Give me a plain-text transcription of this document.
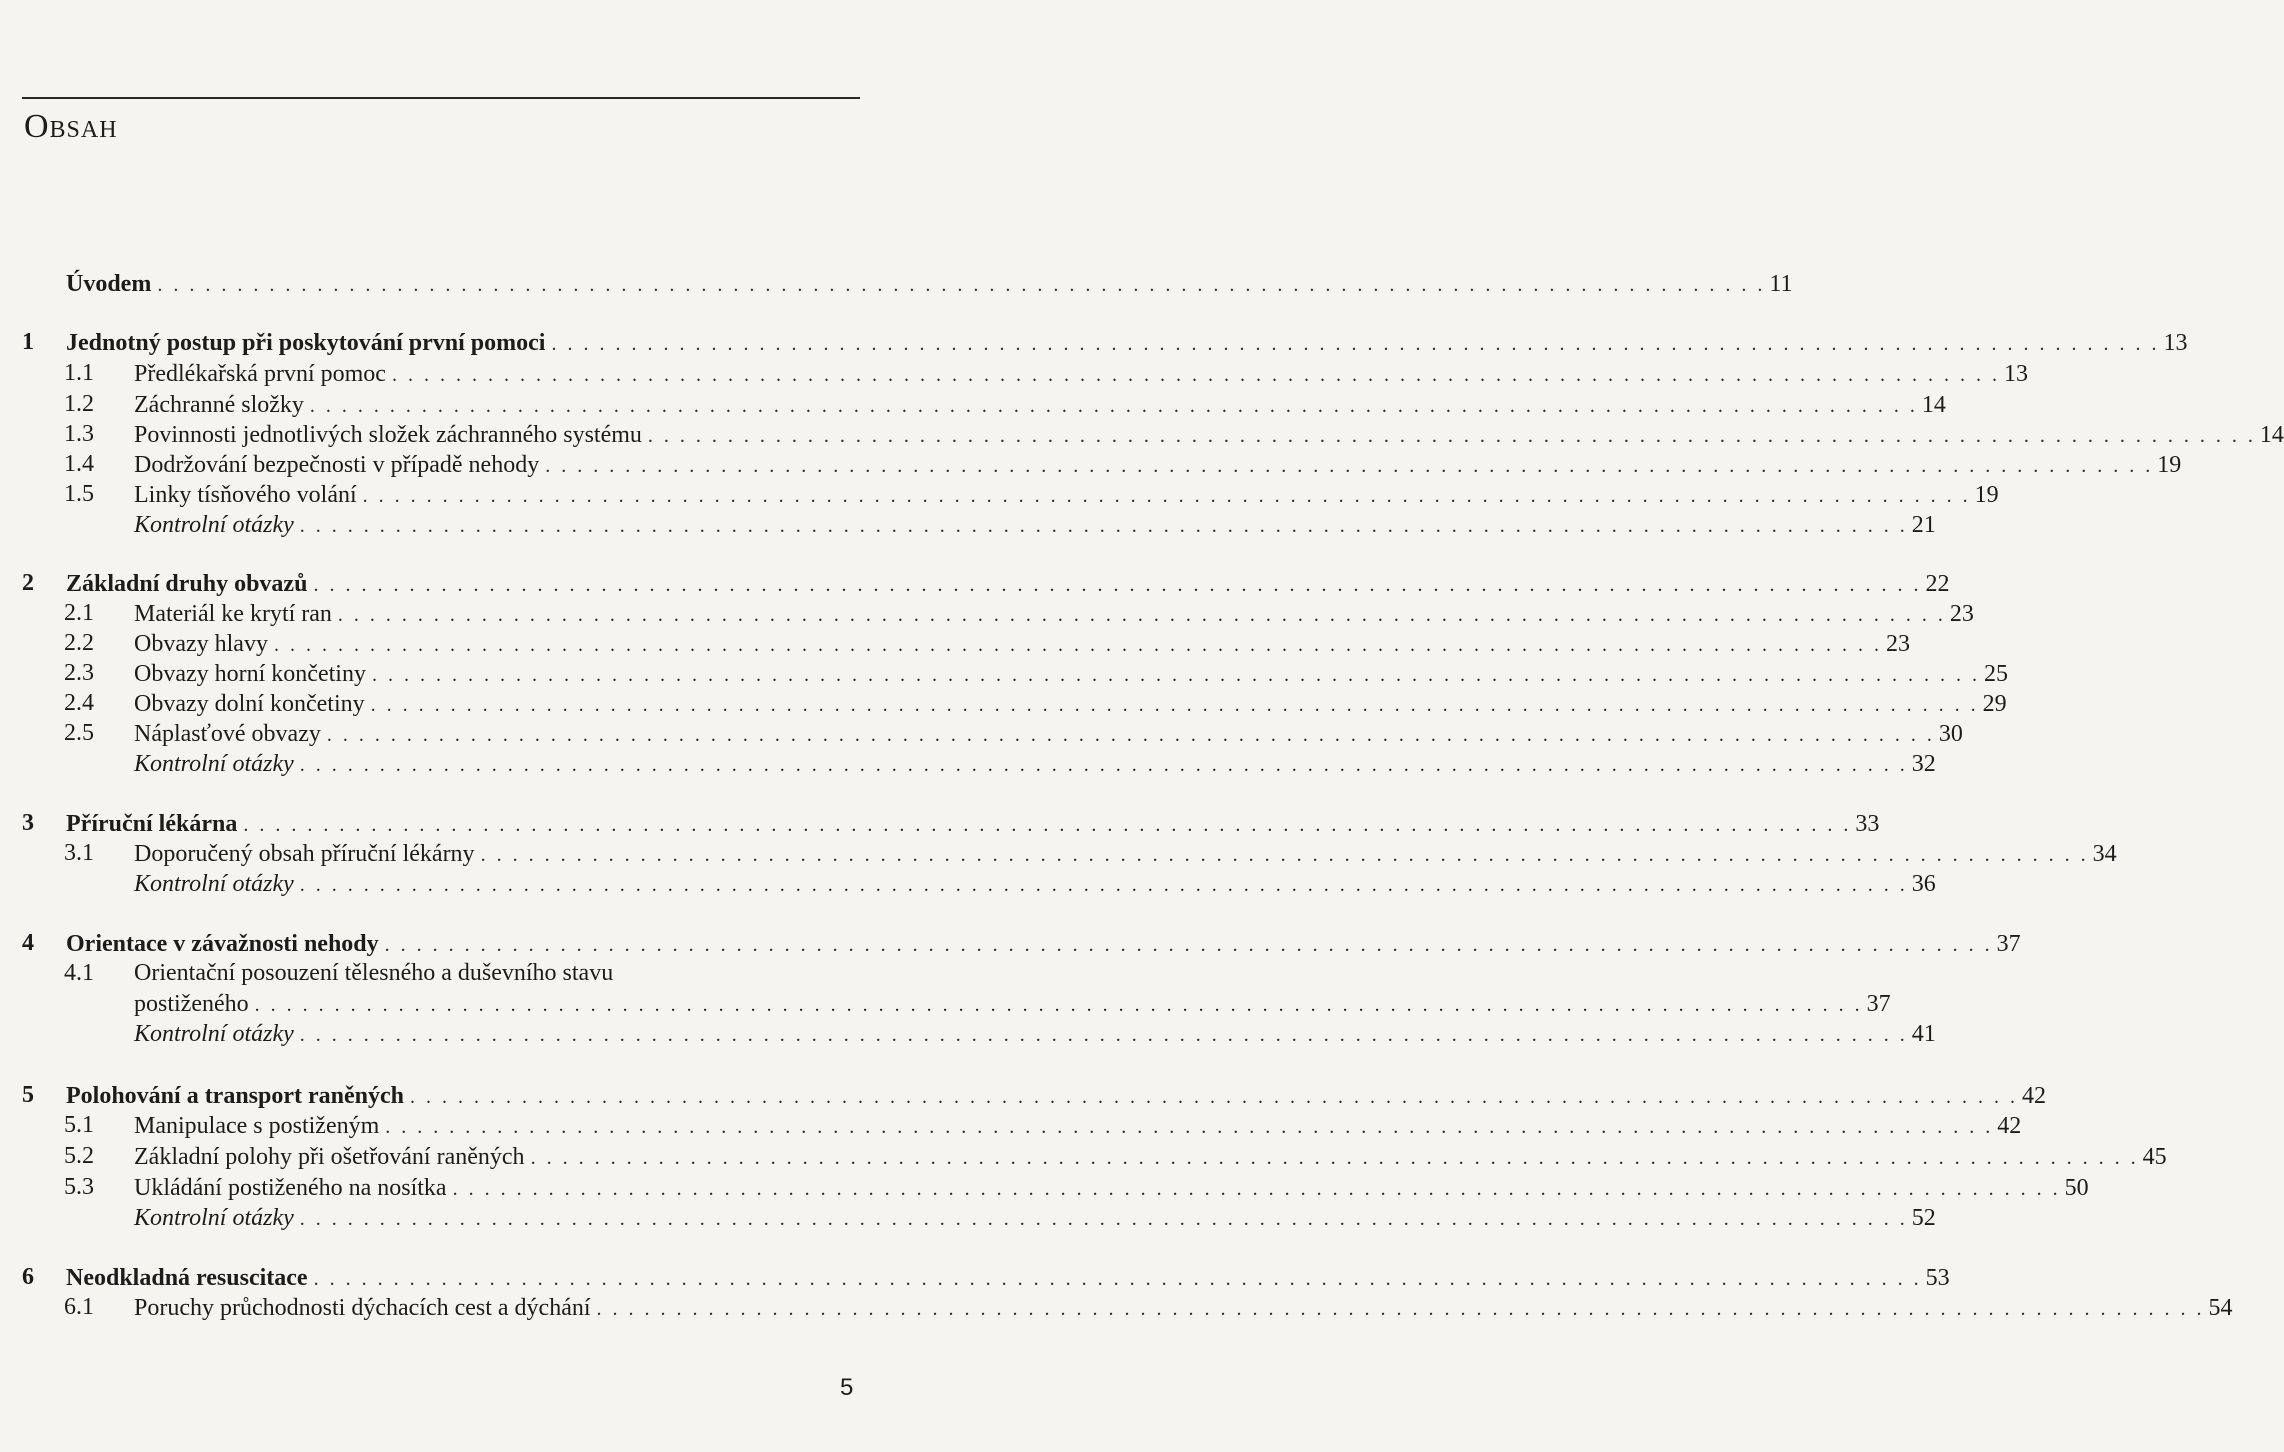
Obsah
Úvodem . . . . . . . . . . . . . . . . . . . . . . . . . . . . . . . . . . . . . . . . . . . . . . . . . . . . . . . . . . . . . . . . . . . . . . . . . . . . . . . . . . . . . . . . . . . . . . . . . . . . . 11
1 Jednotný postup při poskytování první pomoci . . . . . . . . . . . . . . . . . . . . . . . . . . . . . . . . . . . . . . . . . . . . . . . . . . . . . . . . . . . . . . . . . . . . . . . . . . . . . . . . . . . . . . . . . . . . . . . . . . . . . 13
1.1 Předlékařská první pomoc . . . . . . . . . . . . . . . . . . . . . . . . . . . . . . . . . . . . . . . . . . . . . . . . . . . . . . . . . . . . . . . . . . . . . . . . . . . . . . . . . . . . . . . . . . . . . . . . . . . . . 13
1.2 Záchranné složky . . . . . . . . . . . . . . . . . . . . . . . . . . . . . . . . . . . . . . . . . . . . . . . . . . . . . . . . . . . . . . . . . . . . . . . . . . . . . . . . . . . . . . . . . . . . . . . . . . . . . 14
1.3 Povinnosti jednotlivých složek záchranného systému . . . . . . . . . . . . . . . . . . . . . . . . . . . . . . . . . . . . . . . . . . . . . . . . . . . . . . . . . . . . . . . . . . . . . . . . . . . . . . . . . . . . . . . . . . . . . . . . . . . . . 14
1.4 Dodržování bezpečnosti v případě nehody . . . . . . . . . . . . . . . . . . . . . . . . . . . . . . . . . . . . . . . . . . . . . . . . . . . . . . . . . . . . . . . . . . . . . . . . . . . . . . . . . . . . . . . . . . . . . . . . . . . . . 19
1.5 Linky tísňového volání . . . . . . . . . . . . . . . . . . . . . . . . . . . . . . . . . . . . . . . . . . . . . . . . . . . . . . . . . . . . . . . . . . . . . . . . . . . . . . . . . . . . . . . . . . . . . . . . . . . . . 19
Kontrolní otázky . . . . . . . . . . . . . . . . . . . . . . . . . . . . . . . . . . . . . . . . . . . . . . . . . . . . . . . . . . . . . . . . . . . . . . . . . . . . . . . . . . . . . . . . . . . . . . . . . . . . . 21
2 Základní druhy obvazů . . . . . . . . . . . . . . . . . . . . . . . . . . . . . . . . . . . . . . . . . . . . . . . . . . . . . . . . . . . . . . . . . . . . . . . . . . . . . . . . . . . . . . . . . . . . . . . . . . . . . 22
2.1 Materiál ke krytí ran . . . . . . . . . . . . . . . . . . . . . . . . . . . . . . . . . . . . . . . . . . . . . . . . . . . . . . . . . . . . . . . . . . . . . . . . . . . . . . . . . . . . . . . . . . . . . . . . . . . . . 23
2.2 Obvazy hlavy . . . . . . . . . . . . . . . . . . . . . . . . . . . . . . . . . . . . . . . . . . . . . . . . . . . . . . . . . . . . . . . . . . . . . . . . . . . . . . . . . . . . . . . . . . . . . . . . . . . . . 23
2.3 Obvazy horní končetiny . . . . . . . . . . . . . . . . . . . . . . . . . . . . . . . . . . . . . . . . . . . . . . . . . . . . . . . . . . . . . . . . . . . . . . . . . . . . . . . . . . . . . . . . . . . . . . . . . . . . . 25
2.4 Obvazy dolní končetiny . . . . . . . . . . . . . . . . . . . . . . . . . . . . . . . . . . . . . . . . . . . . . . . . . . . . . . . . . . . . . . . . . . . . . . . . . . . . . . . . . . . . . . . . . . . . . . . . . . . . . 29
2.5 Náplasťové obvazy . . . . . . . . . . . . . . . . . . . . . . . . . . . . . . . . . . . . . . . . . . . . . . . . . . . . . . . . . . . . . . . . . . . . . . . . . . . . . . . . . . . . . . . . . . . . . . . . . . . . . 30
Kontrolní otázky . . . . . . . . . . . . . . . . . . . . . . . . . . . . . . . . . . . . . . . . . . . . . . . . . . . . . . . . . . . . . . . . . . . . . . . . . . . . . . . . . . . . . . . . . . . . . . . . . . . . . 32
3 Příruční lékárna . . . . . . . . . . . . . . . . . . . . . . . . . . . . . . . . . . . . . . . . . . . . . . . . . . . . . . . . . . . . . . . . . . . . . . . . . . . . . . . . . . . . . . . . . . . . . . . . . . . . . 33
3.1 Doporučený obsah příruční lékárny . . . . . . . . . . . . . . . . . . . . . . . . . . . . . . . . . . . . . . . . . . . . . . . . . . . . . . . . . . . . . . . . . . . . . . . . . . . . . . . . . . . . . . . . . . . . . . . . . . . . . 34
Kontrolní otázky . . . . . . . . . . . . . . . . . . . . . . . . . . . . . . . . . . . . . . . . . . . . . . . . . . . . . . . . . . . . . . . . . . . . . . . . . . . . . . . . . . . . . . . . . . . . . . . . . . . . . 36
4 Orientace v závažnosti nehody . . . . . . . . . . . . . . . . . . . . . . . . . . . . . . . . . . . . . . . . . . . . . . . . . . . . . . . . . . . . . . . . . . . . . . . . . . . . . . . . . . . . . . . . . . . . . . . . . . . . . 37
4.1 Orientační posouzení tělesného a duševního stavu
postiženého . . . . . . . . . . . . . . . . . . . . . . . . . . . . . . . . . . . . . . . . . . . . . . . . . . . . . . . . . . . . . . . . . . . . . . . . . . . . . . . . . . . . . . . . . . . . . . . . . . . . . 37
Kontrolní otázky . . . . . . . . . . . . . . . . . . . . . . . . . . . . . . . . . . . . . . . . . . . . . . . . . . . . . . . . . . . . . . . . . . . . . . . . . . . . . . . . . . . . . . . . . . . . . . . . . . . . . 41
5 Polohování a transport raněných . . . . . . . . . . . . . . . . . . . . . . . . . . . . . . . . . . . . . . . . . . . . . . . . . . . . . . . . . . . . . . . . . . . . . . . . . . . . . . . . . . . . . . . . . . . . . . . . . . . . . 42
5.1 Manipulace s postiženým . . . . . . . . . . . . . . . . . . . . . . . . . . . . . . . . . . . . . . . . . . . . . . . . . . . . . . . . . . . . . . . . . . . . . . . . . . . . . . . . . . . . . . . . . . . . . . . . . . . . . 42
5.2 Základní polohy při ošetřování raněných . . . . . . . . . . . . . . . . . . . . . . . . . . . . . . . . . . . . . . . . . . . . . . . . . . . . . . . . . . . . . . . . . . . . . . . . . . . . . . . . . . . . . . . . . . . . . . . . . . . . . 45
5.3 Ukládání postiženého na nosítka . . . . . . . . . . . . . . . . . . . . . . . . . . . . . . . . . . . . . . . . . . . . . . . . . . . . . . . . . . . . . . . . . . . . . . . . . . . . . . . . . . . . . . . . . . . . . . . . . . . . . 50
Kontrolní otázky . . . . . . . . . . . . . . . . . . . . . . . . . . . . . . . . . . . . . . . . . . . . . . . . . . . . . . . . . . . . . . . . . . . . . . . . . . . . . . . . . . . . . . . . . . . . . . . . . . . . . 52
6 Neodkladná resuscitace . . . . . . . . . . . . . . . . . . . . . . . . . . . . . . . . . . . . . . . . . . . . . . . . . . . . . . . . . . . . . . . . . . . . . . . . . . . . . . . . . . . . . . . . . . . . . . . . . . . . . 53
6.1 Poruchy průchodnosti dýchacích cest a dýchání . . . . . . . . . . . . . . . . . . . . . . . . . . . . . . . . . . . . . . . . . . . . . . . . . . . . . . . . . . . . . . . . . . . . . . . . . . . . . . . . . . . . . . . . . . . . . . . . . . . . . 54
5
